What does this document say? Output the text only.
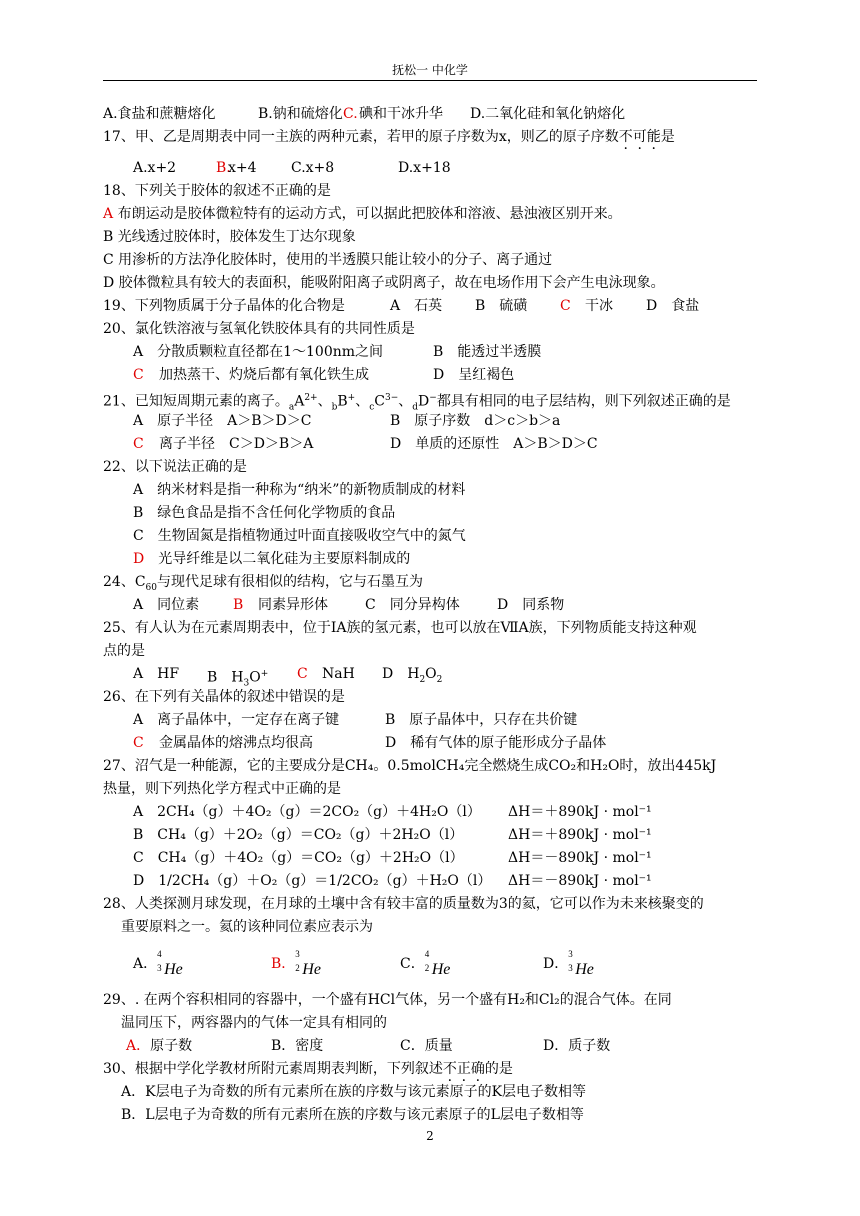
抚松一 中化学
A.食盐和蔗糖熔化	B.钠和硫熔化 C. 碘和干冰升华 D.二氧化硅和氧化钠熔化
17、甲、乙是周期表中同一主族的两种元素，若甲的原子序数为x，则乙的原子序数不可能是
A.x+2	B.
x+4 C.x+8	D.x+18
18、下列关于胶体的叙述不正确的是
A 布朗运动是胶体微粒特有的运动方式，可以据此把胶体和溶液、悬浊液区别开来。
B 光线透过胶体时，胶体发生丁达尔现象
C 用渗析的方法净化胶体时，使用的半透膜只能让较小的分子、离子通过
D 胶体微粒具有较大的表面积，能吸附阳离子或阴离子，故在电场作用下会产生电泳现象。
19、下列物质属于分子晶体的化合物是	A　石英 B　硫磺 C 　干冰 D　食盐
20、氯化铁溶液与氢氧化铁胶体具有的共同性质是
A　分散质颗粒直径都在1～100nm之间	B　能透过半透膜
C 　加热蒸干、灼烧后都有氧化铁生成	D　呈红褐色
21、已知短周期元素的离子。$_aA^{2+}$、$_b$B+、$_cC^{3-}$、$_d$D−都具有相同的电子层结构，则下列叙述正确的是
A　原子半径　A＞B＞D＞C	B　原子序数　d＞c＞b＞a
C 　离子半径　C＞D＞B＞A	D　单质的还原性　A＞B＞D＞C
22、以下说法正确的是
A　纳米材料是指一种称为“纳米”的新物质制成的材料
B　绿色食品是指不含任何化学物质的食品
C　生物固氮是指植物通过叶面直接吸收空气中的氮气
D　光导纤维是以二氧化硅为主要原料制成的
24、$C_{60}$与现代足球有很相似的结构，它与石墨互为
A　同位素 B 　同素异形体	C　同分异构体	D　同系物
25、有人认为在元素周期表中，位于ⅠA族的氢元素，也可以放在ⅦA族，下列物质能支持这种观
点的是
A　HF B　$H_3O^+$ C 　NaH D　$H_2O_2$
26、在下列有关晶体的叙述中错误的是
A　离子晶体中，一定存在离子键	B　原子晶体中，只存在共价键
C 　金属晶体的熔沸点均很高	D　稀有气体的原子能形成分子晶体
27、沼气是一种能源，它的主要成分是CH₄。0.5molCH₄完全燃烧生成CO₂和H₂O时，放出445kJ
热量，则下列热化学方程式中正确的是
A　2CH₄（g）＋4O₂（g）＝2CO₂（g）＋4H₂O（l） ΔH＝＋890kJ · mol⁻¹
B　CH₄（g）＋2O₂（g）＝CO₂（g）＋2H₂O（l）	ΔH＝＋890kJ · mol⁻¹
C　CH₄（g）＋4O₂（g）＝CO₂（g）＋2H₂O（l）	ΔH＝－890kJ · mol⁻¹
D　1/2CH₄（g）＋O₂（g）＝1/2CO₂（g）＋H₂O（l） ΔH＝－890kJ · mol⁻¹
28、人类探测月球发现，在月球的土壤中含有较丰富的质量数为3的氦，它可以作为未来核聚变的
重要原料之一。氦的该种同位素应表示为
A．
4
3 He	B．
3
2 He	C．
4
2 He	D．
3
3 He
29、. 在两个容积相同的容器中，一个盛有HCl气体，另一个盛有H₂和Cl₂的混合气体。在同
温同压下，两容器内的气体一定具有相同的
A．原子数	B．密度	C．质量	D．质子数
30、根据中学化学教材所附元素周期表判断，下列叙述不正确的是
A．K层电子为奇数的所有元素所在族的序数与该元素原子的K层电子数相等
B．L层电子为奇数的所有元素所在族的序数与该元素原子的L层电子数相等
2
